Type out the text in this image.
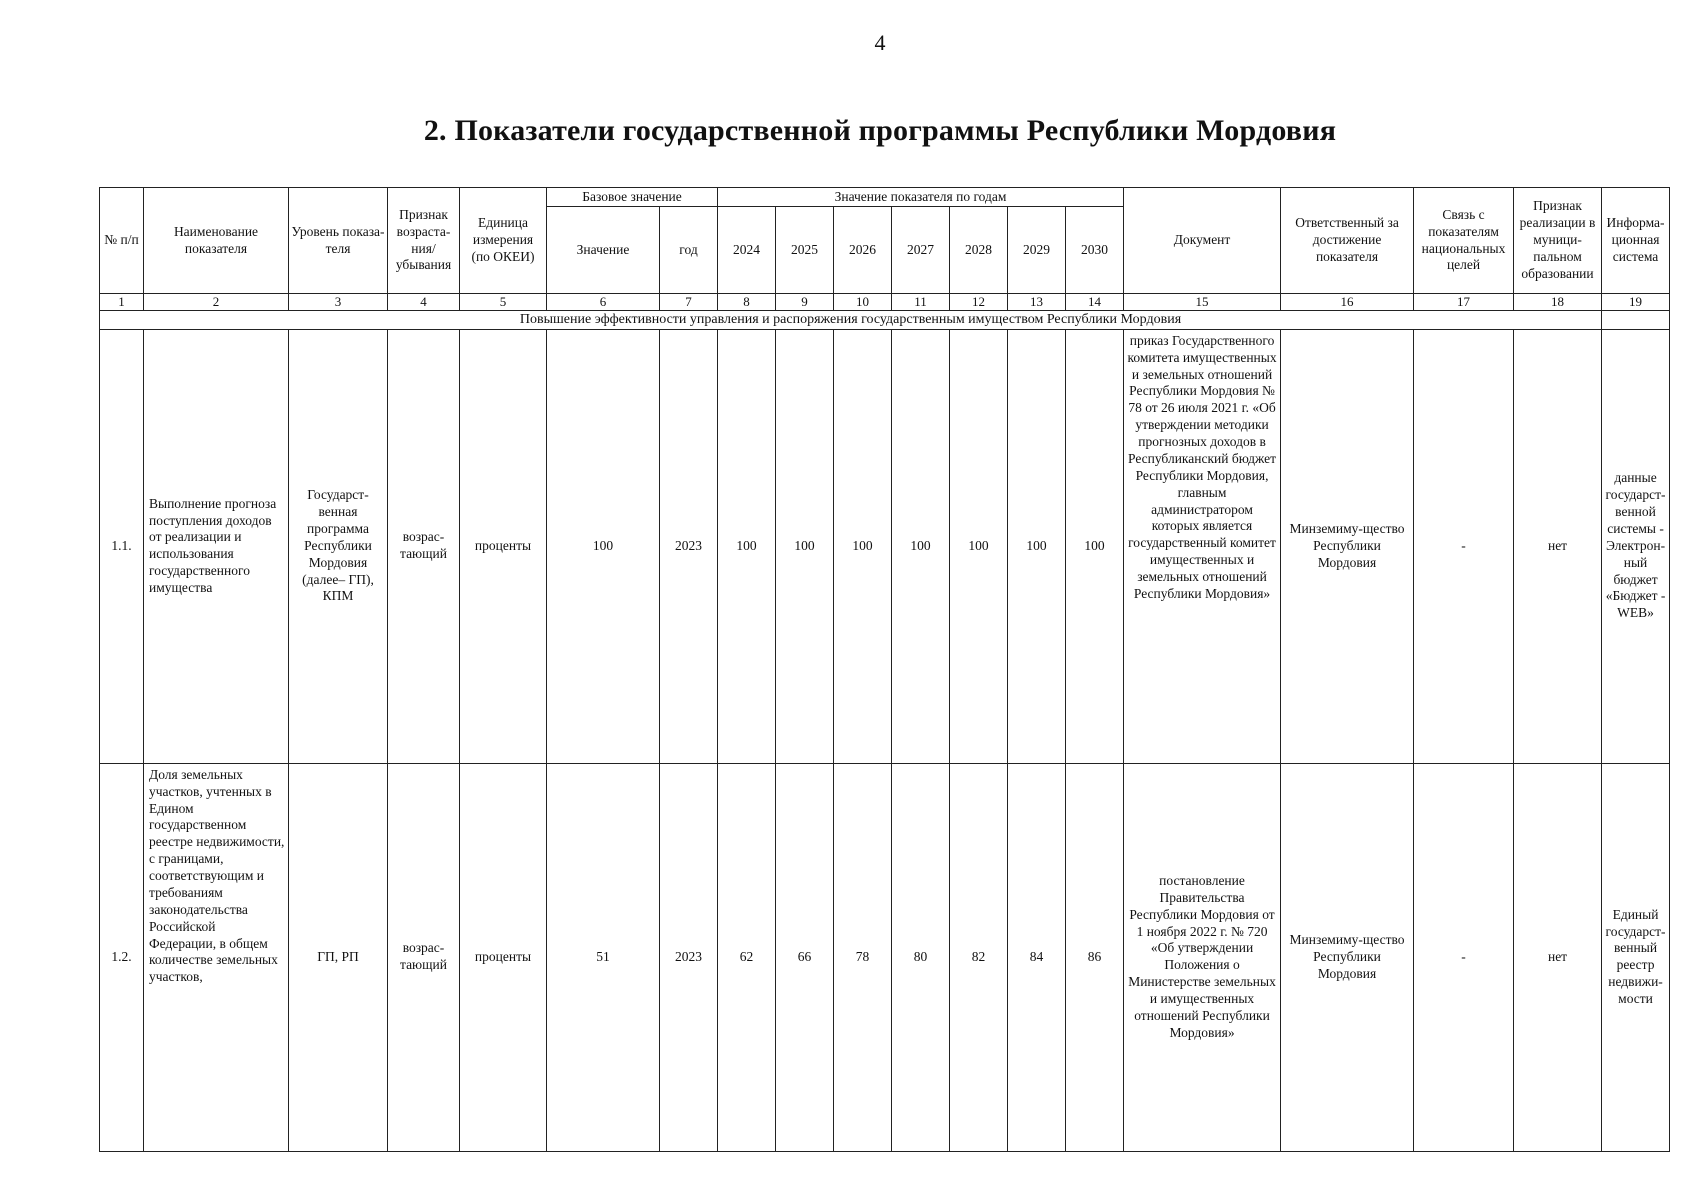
4
2. Показатели государственной программы Республики Мордовия
№ п/п	Наименование показателя	Уровень показа-теля	Признак возраста-ния/ убывания	Единица измерения (по ОКЕИ)	Базовое значение		Значение показателя по годам							Документ	Ответственный за достижение показателя	Связь с показателям национальных целей	Признак реализации в муници-пальном образовании	Информа-ционная система
					Значение	год	2024	2025	2026	2027	2028	2029	2030					
1	2	3	4	5	6	7	8	9	10	11	12	13	14	15	16	17	18	19
Повышение эффективности управления и распоряжения государственным имуществом Республики Мордовия																		
1.1.	Выполнение прогноза поступления доходов от реализации и использования государственного имущества	Государст-венная программа Республики Мордовия (далее– ГП), КПМ	возрас-тающий	проценты	100	2023	100	100	100	100	100	100	100	приказ Государственного комитета имущественных и земельных отношений Республики Мордовия № 78 от 26 июля 2021 г. «Об утверждении методики прогнозных доходов в Республиканский бюджет Республики Мордовия, главным администратором которых является государственный комитет имущественных и земельных отношений Республики Мордовия»	Минземиму-щество Республики Мордовия	-	нет	данные государст-венной системы - Электрон-ный бюджет «Бюджет -WEB»
1.2.	Доля земельных участков, учтенных в Едином государственном реестре недвижимости, с границами, соответствующим и требованиям законодательства Российской Федерации, в общем количестве земельных участков,	ГП, РП	возрас-тающий	проценты	51	2023	62	66	78	80	82	84	86	постановление Правительства Республики Мордовия от 1 ноября 2022 г. № 720 «Об утверждении Положения о Министерстве земельных и имущественных отношений Республики Мордовия»	Минземиму-щество Республики Мордовия	-	нет	Единый государст-венный реестр недвижи-мости
